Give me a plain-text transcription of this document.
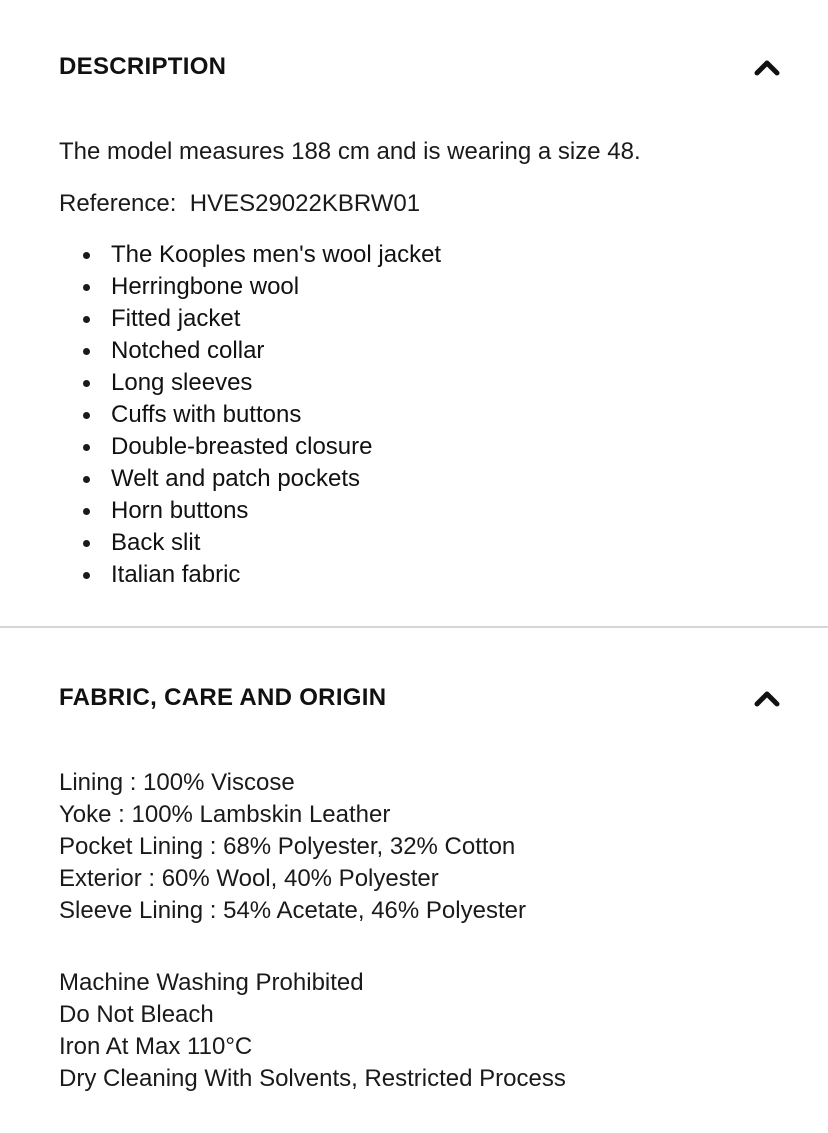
DESCRIPTION
The model measures 188 cm and is wearing a size 48.
Reference: HVES29022KBRW01
The Kooples men's wool jacket
Herringbone wool
Fitted jacket
Notched collar
Long sleeves
Cuffs with buttons
Double-breasted closure
Welt and patch pockets
Horn buttons
Back slit
Italian fabric
FABRIC, CARE AND ORIGIN
Lining : 100% Viscose
Yoke : 100% Lambskin Leather
Pocket Lining : 68% Polyester, 32% Cotton
Exterior : 60% Wool, 40% Polyester
Sleeve Lining : 54% Acetate, 46% Polyester
Machine Washing Prohibited
Do Not Bleach
Iron At Max 110°C
Dry Cleaning With Solvents, Restricted Process
